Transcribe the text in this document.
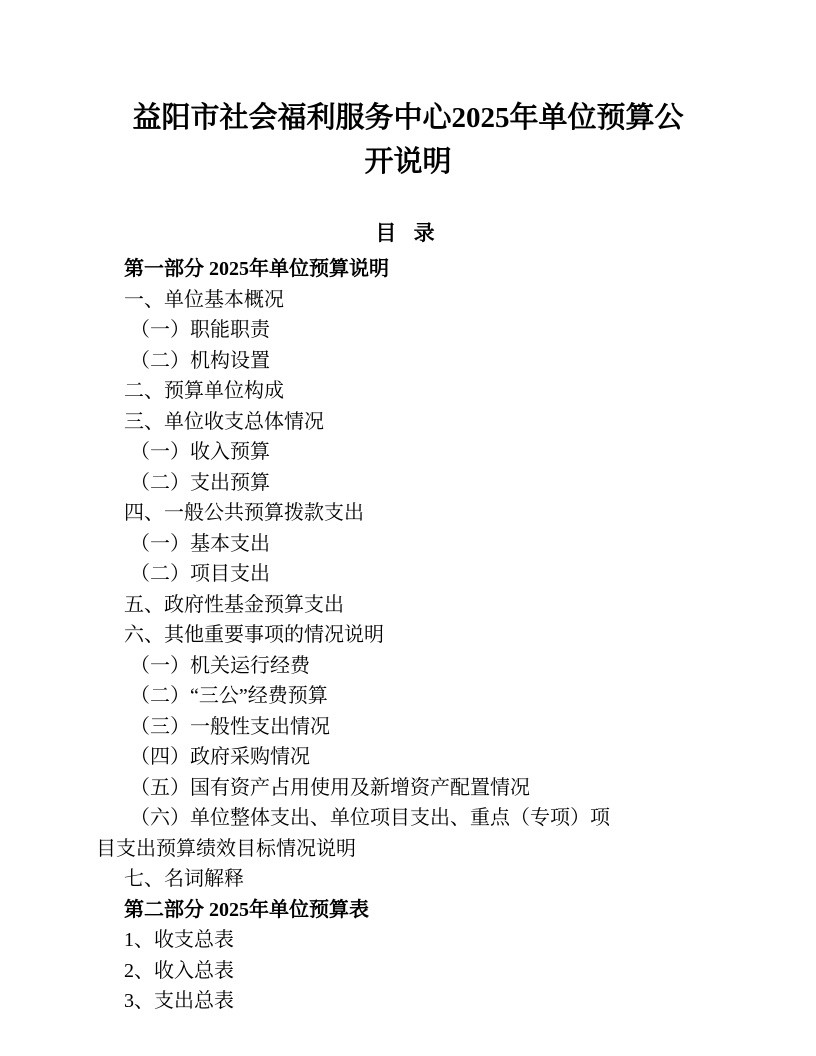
益阳市社会福利服务中心2025年单位预算公开说明
目 录
第一部分 2025年单位预算说明
一、单位基本概况
（一）职能职责
（二）机构设置
二、预算单位构成
三、单位收支总体情况
（一）收入预算
（二）支出预算
四、一般公共预算拨款支出
（一）基本支出
（二）项目支出
五、政府性基金预算支出
六、其他重要事项的情况说明
（一）机关运行经费
（二）“三公”经费预算
（三）一般性支出情况
（四）政府采购情况
（五）国有资产占用使用及新增资产配置情况
（六）单位整体支出、单位项目支出、重点（专项）项
目支出预算绩效目标情况说明
七、名词解释
第二部分 2025年单位预算表
1、收支总表
2、收入总表
3、支出总表
